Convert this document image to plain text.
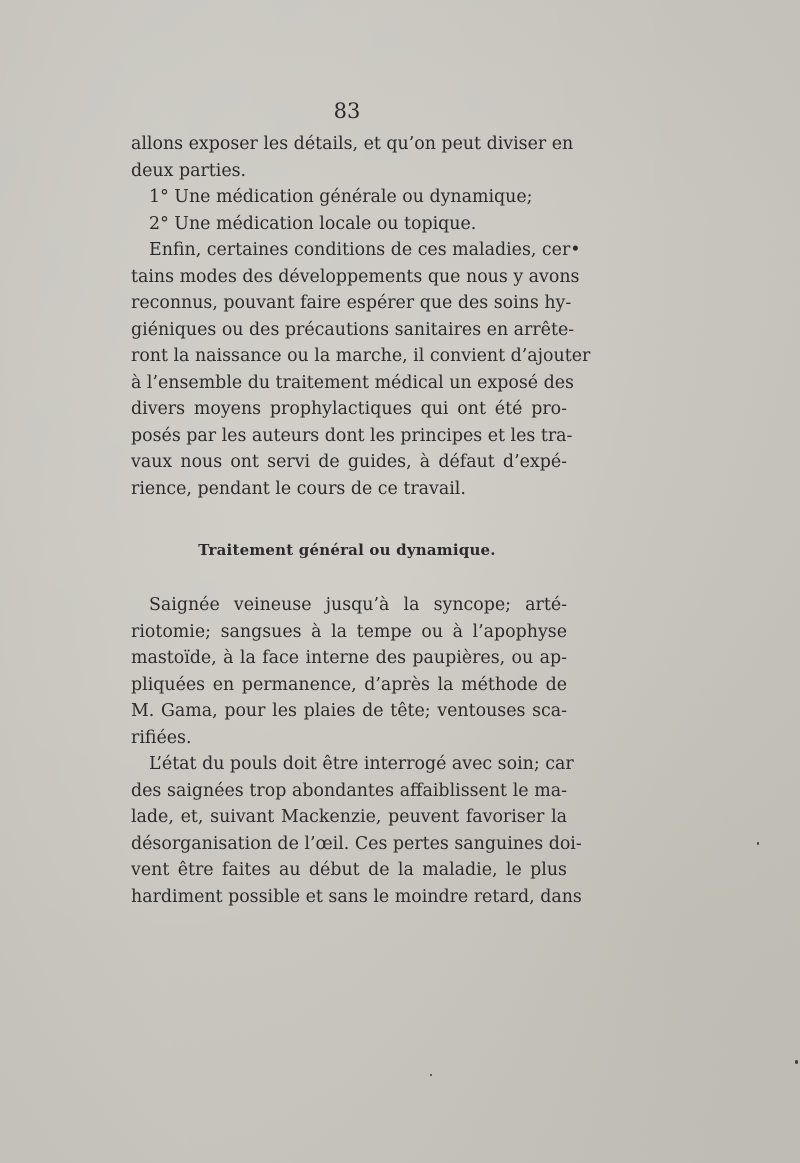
83
allons exposer les détails, et qu’on peut diviser en
deux parties.
1° Une médication générale ou dynamique;
2° Une médication locale ou topique.
Enfin, certaines conditions de ces maladies, cer•
tains modes des développements que nous y avons
reconnus, pouvant faire espérer que des soins hy-
giéniques ou des précautions sanitaires en arrête-
ront la naissance ou la marche, il convient d’ajouter
à l’ensemble du traitement médical un exposé des
divers moyens prophylactiques qui ont été pro-
posés par les auteurs dont les principes et les tra-
vaux nous ont servi de guides, à défaut d’expé-
rience, pendant le cours de ce travail.
Traitement général ou dynamique.
Saignée veineuse jusqu’à la syncope; arté-
riotomie; sangsues à la tempe ou à l’apophyse
mastoïde, à la face interne des paupières, ou ap-
pliquées en permanence, d’après la méthode de
M. Gama, pour les plaies de tête; ventouses sca-
rifiées.
L’état du pouls doit être interrogé avec soin; car
des saignées trop abondantes affaiblissent le ma-
lade, et, suivant Mackenzie, peuvent favoriser la
désorganisation de l’œil. Ces pertes sanguines doi-
vent être faites au début de la maladie, le plus
hardiment possible et sans le moindre retard, dans
